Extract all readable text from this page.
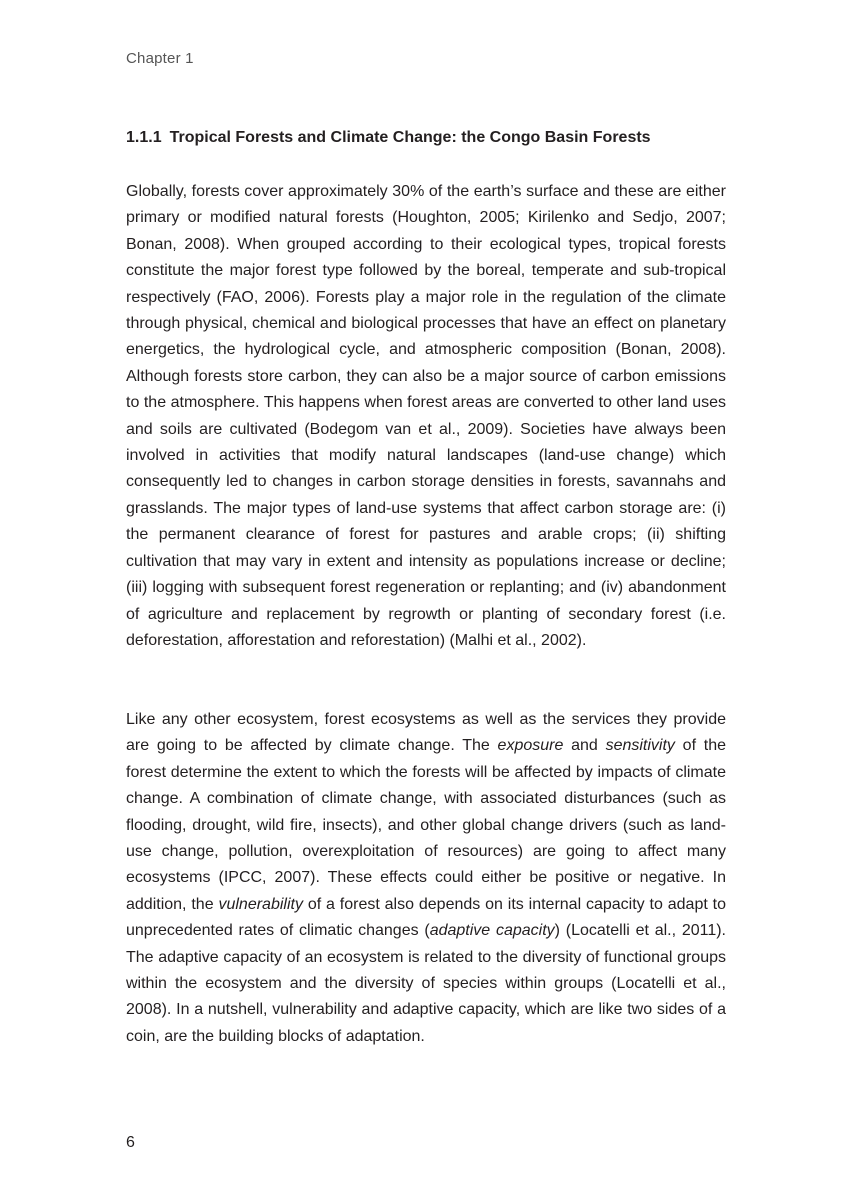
Chapter 1
1.1.1 Tropical Forests and Climate Change: the Congo Basin Forests

Globally, forests cover approximately 30% of the earth’s surface and these are either primary or modified natural forests (Houghton, 2005; Kirilenko and Sedjo, 2007; Bonan, 2008). When grouped according to their ecological types, tropical forests constitute the major forest type followed by the boreal, temperate and sub-tropical respectively (FAO, 2006). Forests play a major role in the regulation of the climate through physical, chemical and biological processes that have an effect on planetary energetics, the hydrological cycle, and atmospheric composition (Bonan, 2008). Although forests store carbon, they can also be a major source of carbon emissions to the atmosphere. This happens when forest areas are converted to other land uses and soils are cultivated (Bodegom van et al., 2009). Societies have always been involved in activities that modify natural landscapes (land-use change) which consequently led to changes in carbon storage densities in forests, savannahs and grasslands. The major types of land-use systems that affect carbon storage are: (i) the permanent clearance of forest for pastures and arable crops; (ii) shifting cultivation that may vary in extent and intensity as populations increase or decline; (iii) logging with subsequent forest regeneration or replanting; and (iv) abandonment of agriculture and replacement by regrowth or planting of secondary forest (i.e. deforestation, afforestation and reforestation) (Malhi et al., 2002).

Like any other ecosystem, forest ecosystems as well as the services they provide are going to be affected by climate change. The exposure and sensitivity of the forest determine the extent to which the forests will be affected by impacts of climate change. A combination of climate change, with associated disturbances (such as flooding, drought, wild fire, insects), and other global change drivers (such as land-use change, pollution, overexploitation of resources) are going to affect many ecosystems (IPCC, 2007). These effects could either be positive or negative. In addition, the vulnerability of a forest also depends on its internal capacity to adapt to unprecedented rates of climatic changes (adaptive capacity) (Locatelli et al., 2011). The adaptive capacity of an ecosystem is related to the diversity of functional groups within the ecosystem and the diversity of species within groups (Locatelli et al., 2008). In a nutshell, vulnerability and adaptive capacity, which are like two sides of a coin, are the building blocks of adaptation.

6
